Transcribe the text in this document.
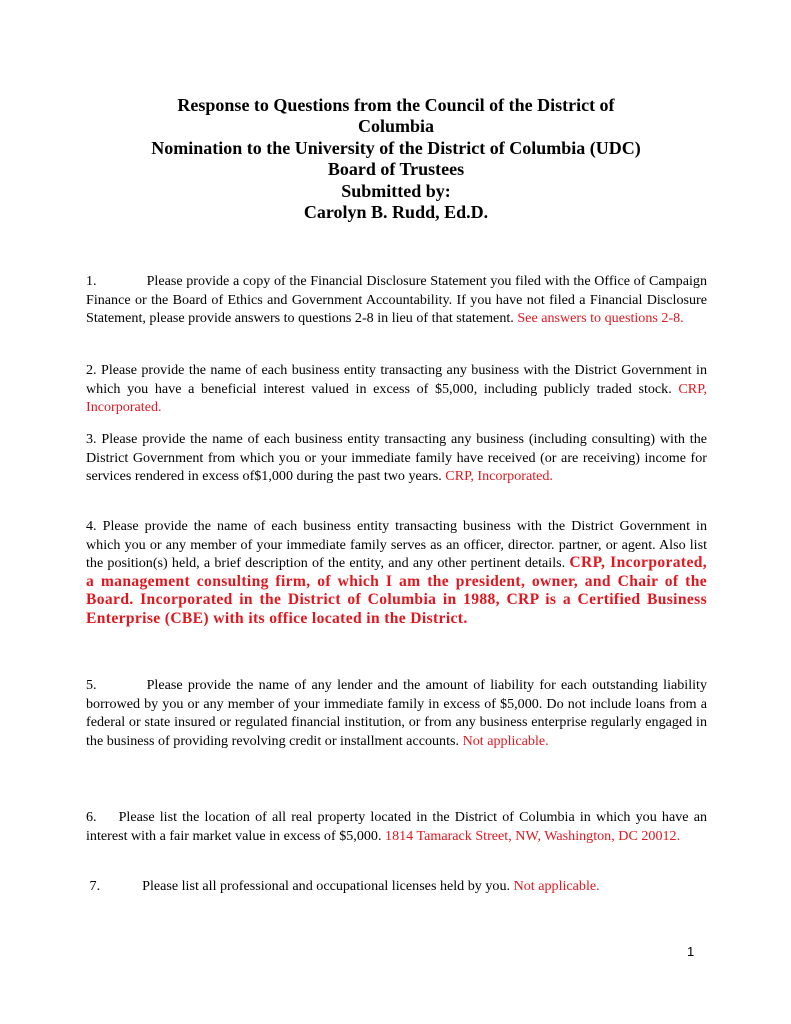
Response to Questions from the Council of the District of
Columbia
Nomination to the University of the District of Columbia (UDC)
Board of Trustees
Submitted by:
Carolyn B. Rudd, Ed.D.

1.	Please provide a copy of the Financial Disclosure Statement you filed with the Office of Campaign Finance or the Board of Ethics and Government Accountability. If you have not filed a Financial Disclosure Statement, please provide answers to questions 2-8 in lieu of that statement. See answers to questions 2-8.

2. Please provide the name of each business entity transacting any business with the District Government in which you have a beneficial interest valued in excess of $5,000, including publicly traded stock. CRP, Incorporated.

3. Please provide the name of each business entity transacting any business (including consulting) with the District Government from which you or your immediate family have received (or are receiving) income for services rendered in excess of$1,000 during the past two years. CRP, Incorporated.

4. Please provide the name of each business entity transacting business with the District Government in which you or any member of your immediate family serves as an officer, director. partner, or agent. Also list the position(s) held, a brief description of the entity, and any other pertinent details. CRP, Incorporated, a management consulting firm, of which I am the president, owner, and Chair of the Board. Incorporated in the District of Columbia in 1988, CRP is a Certified Business Enterprise (CBE) with its office located in the District.

5.	Please provide the name of any lender and the amount of liability for each outstanding liability borrowed by you or any member of your immediate family in excess of $5,000. Do not include loans from a federal or state insured or regulated financial institution, or from any business enterprise regularly engaged in the business of providing revolving credit or installment accounts. Not applicable.

6. Please list the location of all real property located in the District of Columbia in which you have an interest with a fair market value in excess of $5,000. 1814 Tamarack Street, NW, Washington, DC 20012.

7.	Please list all professional and occupational licenses held by you. Not applicable.

1
